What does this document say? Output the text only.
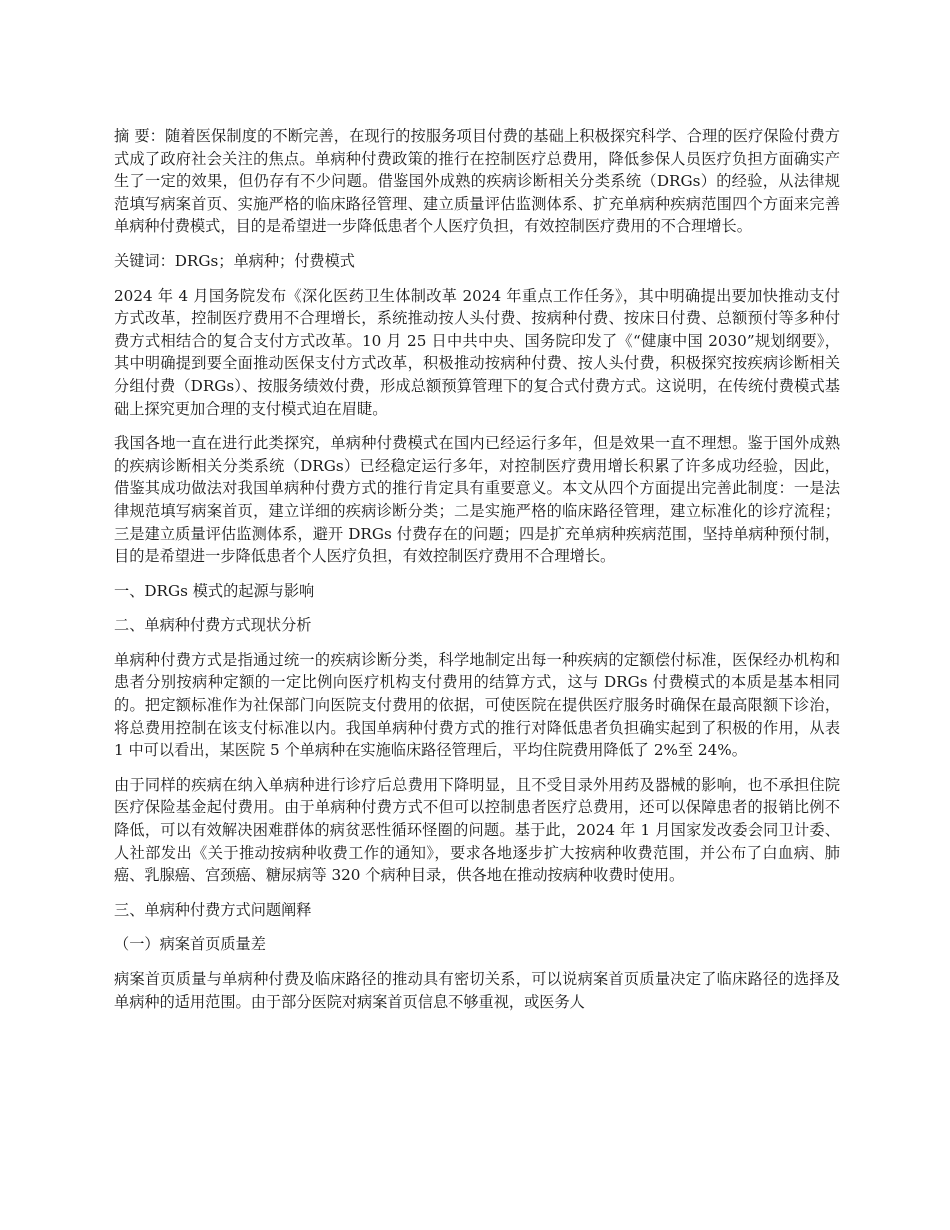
摘 要：随着医保制度的不断完善，在现行的按服务项目付费的基础上积极探究科学、合理的医疗保险付费方式成了政府社会关注的焦点。单病种付费政策的推行在控制医疗总费用，降低参保人员医疗负担方面确实产生了一定的效果，但仍存有不少问题。借鉴国外成熟的疾病诊断相关分类系统（DRGs）的经验，从法律规范填写病案首页、实施严格的临床路径管理、建立质量评估监测体系、扩充单病种疾病范围四个方面来完善单病种付费模式，目的是希望进一步降低患者个人医疗负担，有效控制医疗费用的不合理增长。

关键词：DRGs；单病种；付费模式

2024 年 4 月国务院发布《深化医药卫生体制改革 2024 年重点工作任务》，其中明确提出要加快推动支付方式改革，控制医疗费用不合理增长，系统推动按人头付费、按病种付费、按床日付费、总额预付等多种付费方式相结合的复合支付方式改革。10 月 25 日中共中央、国务院印发了《“健康中国 2030”规划纲要》，其中明确提到要全面推动医保支付方式改革，积极推动按病种付费、按人头付费，积极探究按疾病诊断相关分组付费（DRGs）、按服务绩效付费，形成总额预算管理下的复合式付费方式。这说明，在传统付费模式基础上探究更加合理的支付模式迫在眉睫。

我国各地一直在进行此类探究，单病种付费模式在国内已经运行多年，但是效果一直不理想。鉴于国外成熟的疾病诊断相关分类系统（DRGs）已经稳定运行多年，对控制医疗费用增长积累了许多成功经验，因此，借鉴其成功做法对我国单病种付费方式的推行肯定具有重要意义。本文从四个方面提出完善此制度：一是法律规范填写病案首页，建立详细的疾病诊断分类；二是实施严格的临床路径管理，建立标准化的诊疗流程；三是建立质量评估监测体系，避开 DRGs 付费存在的问题；四是扩充单病种疾病范围，坚持单病种预付制，目的是希望进一步降低患者个人医疗负担，有效控制医疗费用不合理增长。

一、DRGs 模式的起源与影响

二、单病种付费方式现状分析

单病种付费方式是指通过统一的疾病诊断分类，科学地制定出每一种疾病的定额偿付标准，医保经办机构和患者分别按病种定额的一定比例向医疗机构支付费用的结算方式，这与 DRGs 付费模式的本质是基本相同的。把定额标准作为社保部门向医院支付费用的依据，可使医院在提供医疗服务时确保在最高限额下诊治，将总费用控制在该支付标准以内。我国单病种付费方式的推行对降低患者负担确实起到了积极的作用，从表 1 中可以看出，某医院 5 个单病种在实施临床路径管理后，平均住院费用降低了 2%至 24%。

由于同样的疾病在纳入单病种进行诊疗后总费用下降明显，且不受目录外用药及器械的影响，也不承担住院医疗保险基金起付费用。由于单病种付费方式不但可以控制患者医疗总费用，还可以保障患者的报销比例不降低，可以有效解决困难群体的病贫恶性循环怪圈的问题。基于此，2024 年 1 月国家发改委会同卫计委、人社部发出《关于推动按病种收费工作的通知》，要求各地逐步扩大按病种收费范围，并公布了白血病、肺癌、乳腺癌、宫颈癌、糖尿病等 320 个病种目录，供各地在推动按病种收费时使用。

三、单病种付费方式问题阐释

（一）病案首页质量差

病案首页质量与单病种付费及临床路径的推动具有密切关系，可以说病案首页质量决定了临床路径的选择及单病种的适用范围。由于部分医院对病案首页信息不够重视，或医务人
